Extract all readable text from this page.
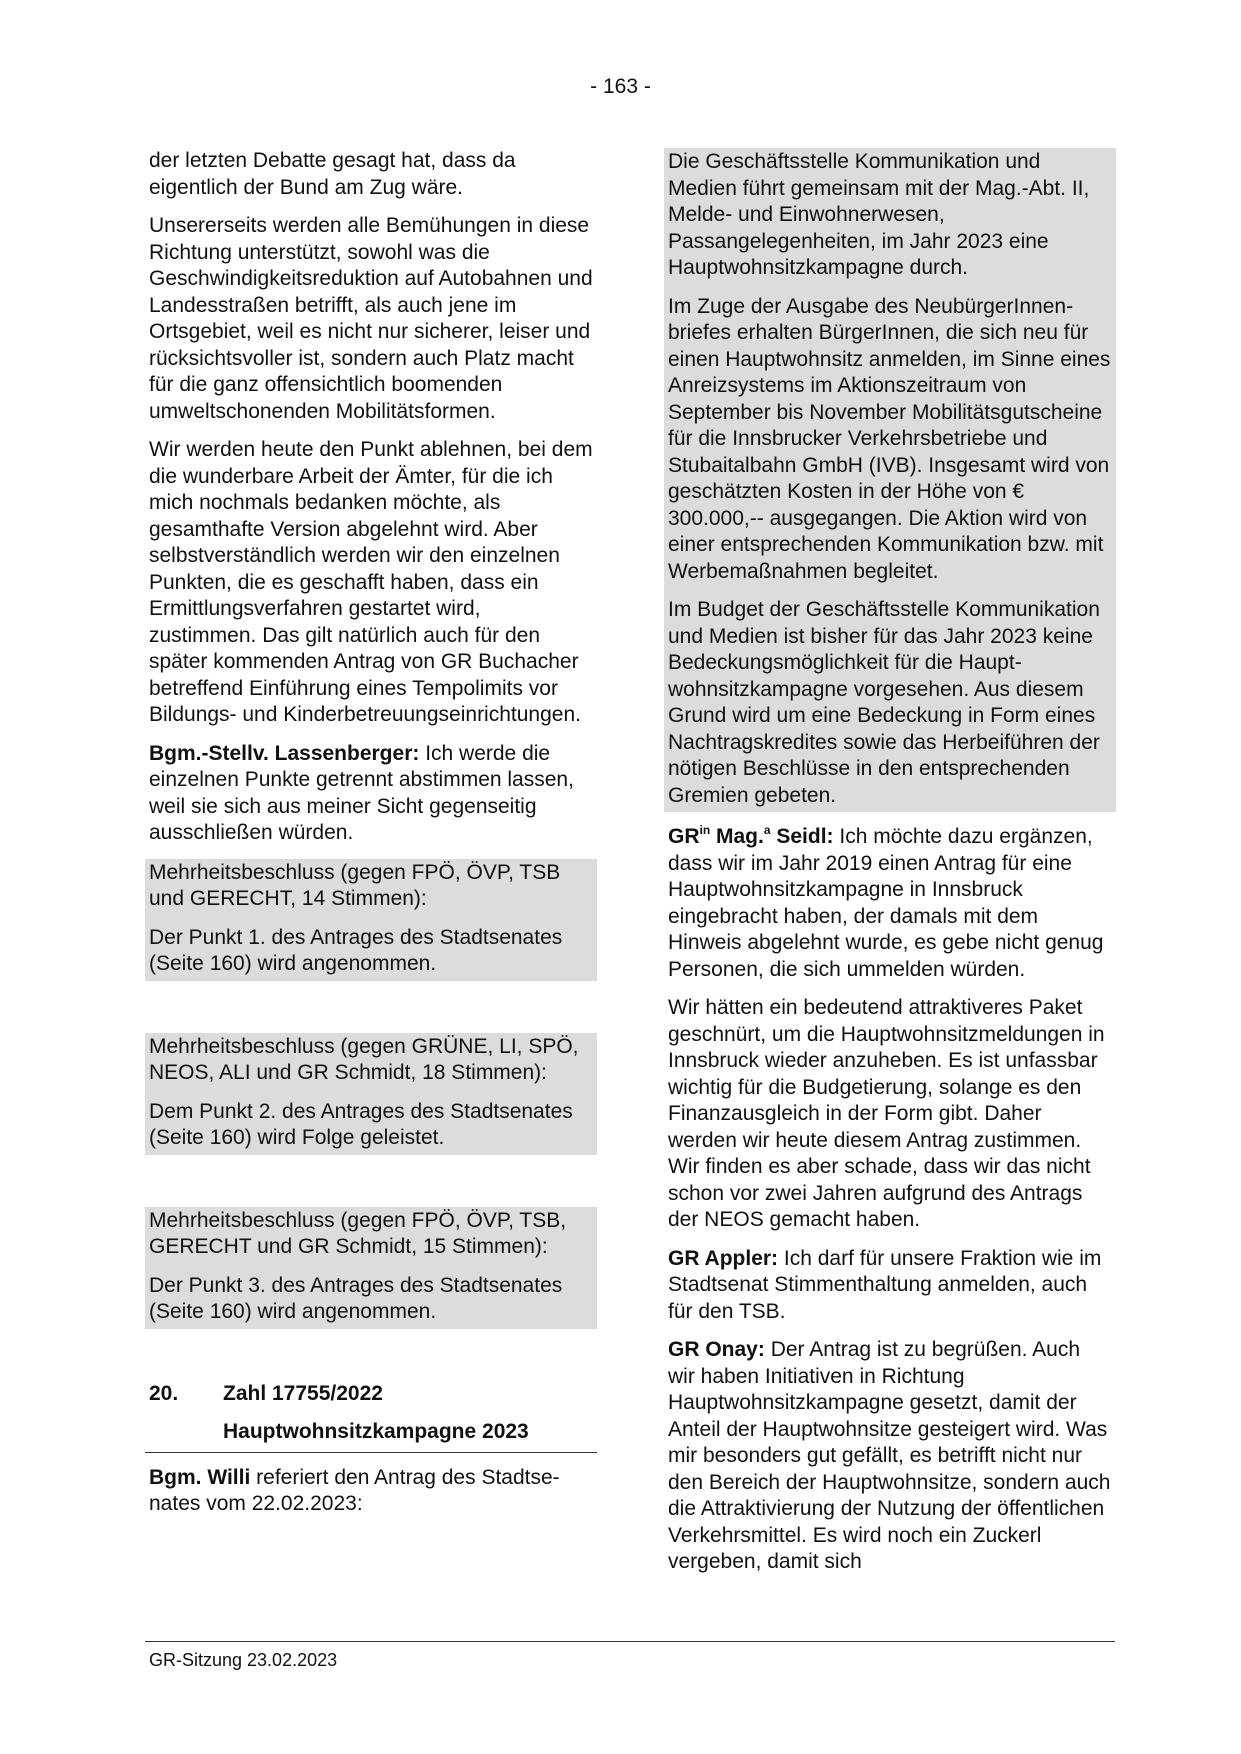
- 163 -

der letzten Debatte gesagt hat, dass da eigentlich der Bund am Zug wäre.

Unsererseits werden alle Bemühungen in diese Richtung unterstützt, sowohl was die Geschwindigkeitsreduktion auf Autobahnen und Landesstraßen betrifft, als auch jene im Ortsgebiet, weil es nicht nur sicherer, leiser und rücksichtsvoller ist, sondern auch Platz macht für die ganz offensichtlich boomenden umweltschonenden Mobilitätsformen.

Wir werden heute den Punkt ablehnen, bei dem die wunderbare Arbeit der Ämter, für die ich mich nochmals bedanken möchte, als gesamthafte Version abgelehnt wird. Aber selbstverständlich werden wir den einzelnen Punkten, die es geschafft haben, dass ein Ermittlungsverfahren gestartet wird, zustimmen. Das gilt natürlich auch für den später kommenden Antrag von GR Buchacher betreffend Einführung eines Tempolimits vor Bildungs- und Kinderbetreuungseinrichtungen.

Bgm.-Stellv. Lassenberger: Ich werde die einzelnen Punkte getrennt abstimmen lassen, weil sie sich aus meiner Sicht gegenseitig ausschließen würden.

Mehrheitsbeschluss (gegen FPÖ, ÖVP, TSB und GERECHT, 14 Stimmen):

Der Punkt 1. des Antrages des Stadtsenates (Seite 160) wird angenommen.

Mehrheitsbeschluss (gegen GRÜNE, LI, SPÖ, NEOS, ALI und GR Schmidt, 18 Stimmen):

Dem Punkt 2. des Antrages des Stadtsenates (Seite 160) wird Folge geleistet.

Mehrheitsbeschluss (gegen FPÖ, ÖVP, TSB, GERECHT und GR Schmidt, 15 Stimmen):

Der Punkt 3. des Antrages des Stadtsenates (Seite 160) wird angenommen.

20.	Zahl 17755/2022
Hauptwohnsitzkampagne 2023

Bgm. Willi referiert den Antrag des Stadtsenates vom 22.02.2023:

Die Geschäftsstelle Kommunikation und Medien führt gemeinsam mit der Mag.-Abt. II, Melde- und Einwohnerwesen, Passangelegenheiten, im Jahr 2023 eine Hauptwohnsitzkampagne durch.

Im Zuge der Ausgabe des NeubürgerInnenbriefes erhalten BürgerInnen, die sich neu für einen Hauptwohnsitz anmelden, im Sinne eines Anreizsystems im Aktionszeitraum von September bis November Mobilitätsgutscheine für die Innsbrucker Verkehrsbetriebe und Stubaitalbahn GmbH (IVB). Insgesamt wird von geschätzten Kosten in der Höhe von € 300.000,-- ausgegangen. Die Aktion wird von einer entsprechenden Kommunikation bzw. mit Werbemaßnahmen begleitet.

Im Budget der Geschäftsstelle Kommunikation und Medien ist bisher für das Jahr 2023 keine Bedeckungsmöglichkeit für die Hauptwohnsitzkampagne vorgesehen. Aus diesem Grund wird um eine Bedeckung in Form eines Nachtragskredites sowie das Herbeiführen der nötigen Beschlüsse in den entsprechenden Gremien gebeten.

$GR^{in}$ Mag.$^a$ Seidl: Ich möchte dazu ergänzen, dass wir im Jahr 2019 einen Antrag für eine Hauptwohnsitzkampagne in Innsbruck eingebracht haben, der damals mit dem Hinweis abgelehnt wurde, es gebe nicht genug Personen, die sich ummelden würden.

Wir hätten ein bedeutend attraktiveres Paket geschnürt, um die Hauptwohnsitzmeldungen in Innsbruck wieder anzuheben. Es ist unfassbar wichtig für die Budgetierung, solange es den Finanzausgleich in der Form gibt. Daher werden wir heute diesem Antrag zustimmen. Wir finden es aber schade, dass wir das nicht schon vor zwei Jahren aufgrund des Antrags der NEOS gemacht haben.

GR Appler: Ich darf für unsere Fraktion wie im Stadtsenat Stimmenthaltung anmelden, auch für den TSB.

GR Onay: Der Antrag ist zu begrüßen. Auch wir haben Initiativen in Richtung Hauptwohnsitzkampagne gesetzt, damit der Anteil der Hauptwohnsitze gesteigert wird. Was mir besonders gut gefällt, es betrifft nicht nur den Bereich der Hauptwohnsitze, sondern auch die Attraktivierung der Nutzung der öffentlichen Verkehrsmittel. Es wird noch ein Zuckerl vergeben, damit sich

GR-Sitzung 23.02.2023
